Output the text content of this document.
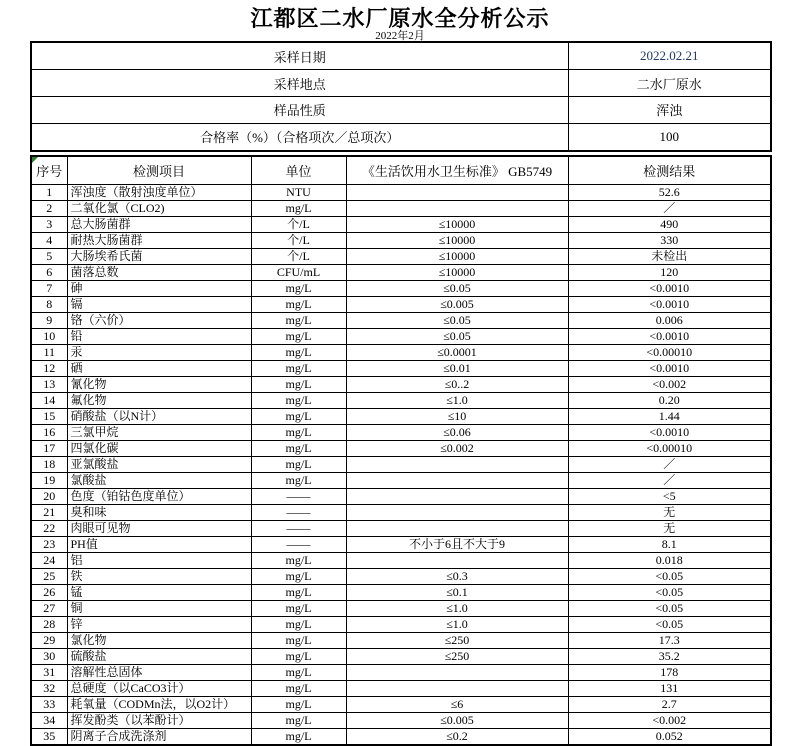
江都区二水厂原水全分析公示
2022年2月
采样日期	2022.02.21
采样地点	二水厂原水
样品性质	浑浊
合格率（%）（合格项次／总项次）	100
序号	检测项目	单位	《生活饮用水卫生标准》 GB5749	检测结果
1	浑浊度（散射浊度单位）	NTU		52.6
2	二氧化氯（CLO2)	mg/L		／
3	总大肠菌群	个/L	≤10000	490
4	耐热大肠菌群	个/L	≤10000	330
5	大肠埃希氏菌	个/L	≤10000	未检出
6	菌落总数	CFU/mL	≤10000	120
7	砷	mg/L	≤0.05	<0.0010
8	镉	mg/L	≤0.005	<0.0010
9	铬（六价）	mg/L	≤0.05	0.006
10	铅	mg/L	≤0.05	<0.0010
11	汞	mg/L	≤0.0001	<0.00010
12	硒	mg/L	≤0.01	<0.0010
13	氰化物	mg/L	≤0..2	<0.002
14	氟化物	mg/L	≤1.0	0.20
15	硝酸盐（以N计）	mg/L	≤10	1.44
16	三氯甲烷	mg/L	≤0.06	<0.0010
17	四氯化碳	mg/L	≤0.002	<0.00010
18	亚氯酸盐	mg/L		／
19	氯酸盐	mg/L		／
20	色度（铂钴色度单位）	——		<5
21	臭和味	——		无
22	肉眼可见物	——		无
23	PH值	——	不小于6且不大于9	8.1
24	铝	mg/L		0.018
25	铁	mg/L	≤0.3	<0.05
26	锰	mg/L	≤0.1	<0.05
27	铜	mg/L	≤1.0	<0.05
28	锌	mg/L	≤1.0	<0.05
29	氯化物	mg/L	≤250	17.3
30	硫酸盐	mg/L	≤250	35.2
31	溶解性总固体	mg/L		178
32	总硬度（以CaCO3计）	mg/L		131
33	耗氧量（CODMn法，以O2计）	mg/L	≤6	2.7
34	挥发酚类（以苯酚计）	mg/L	≤0.005	<0.002
35	阴离子合成洗涤剂	mg/L	≤0.2	0.052
